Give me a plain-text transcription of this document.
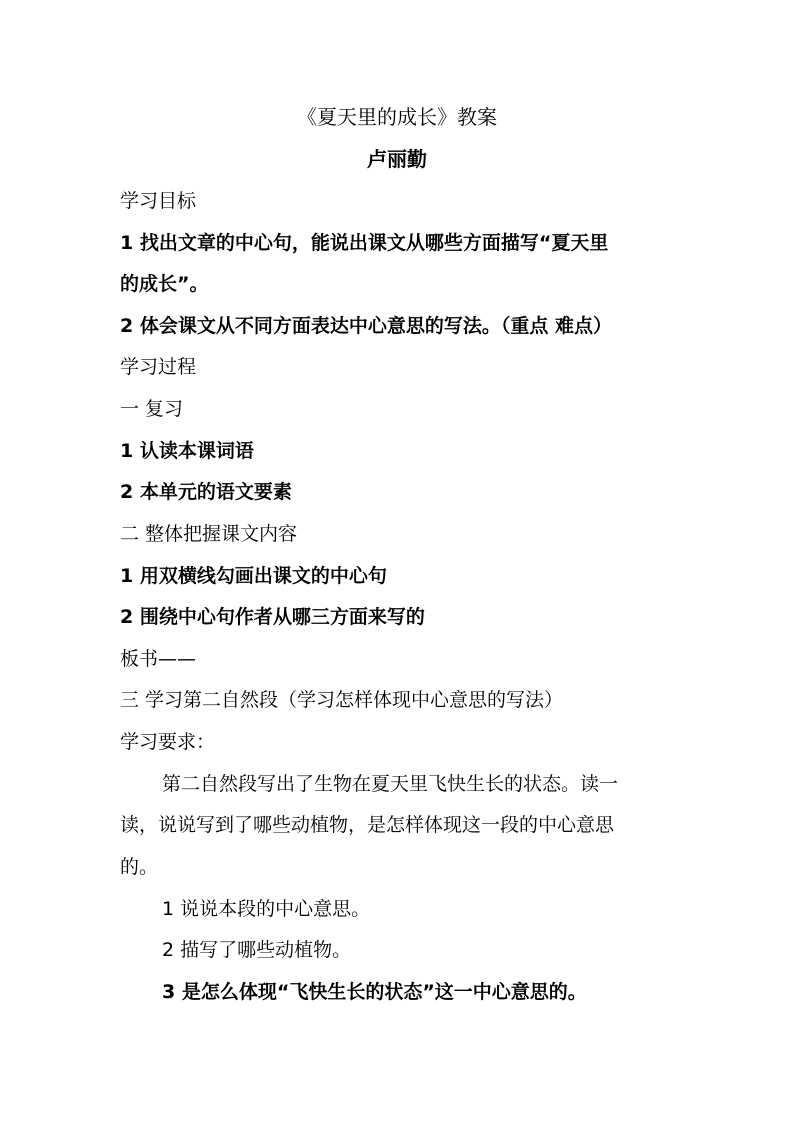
《夏天里的成长》教案
卢丽勤
学习目标
1 找出文章的中心句，能说出课文从哪些方面描写“夏天里
的成长”。
2 体会课文从不同方面表达中心意思的写法。（重点 难点）
学习过程
一 复习
1 认读本课词语
2 本单元的语文要素
二 整体把握课文内容
1 用双横线勾画出课文的中心句
2 围绕中心句作者从哪三方面来写的
板书——
三 学习第二自然段（学习怎样体现中心意思的写法）
学习要求：
第二自然段写出了生物在夏天里飞快生长的状态。读一
读，说说写到了哪些动植物，是怎样体现这一段的中心意思
的。
1 说说本段的中心意思。
2 描写了哪些动植物。
3 是怎么体现“飞快生长的状态”这一中心意思的。
